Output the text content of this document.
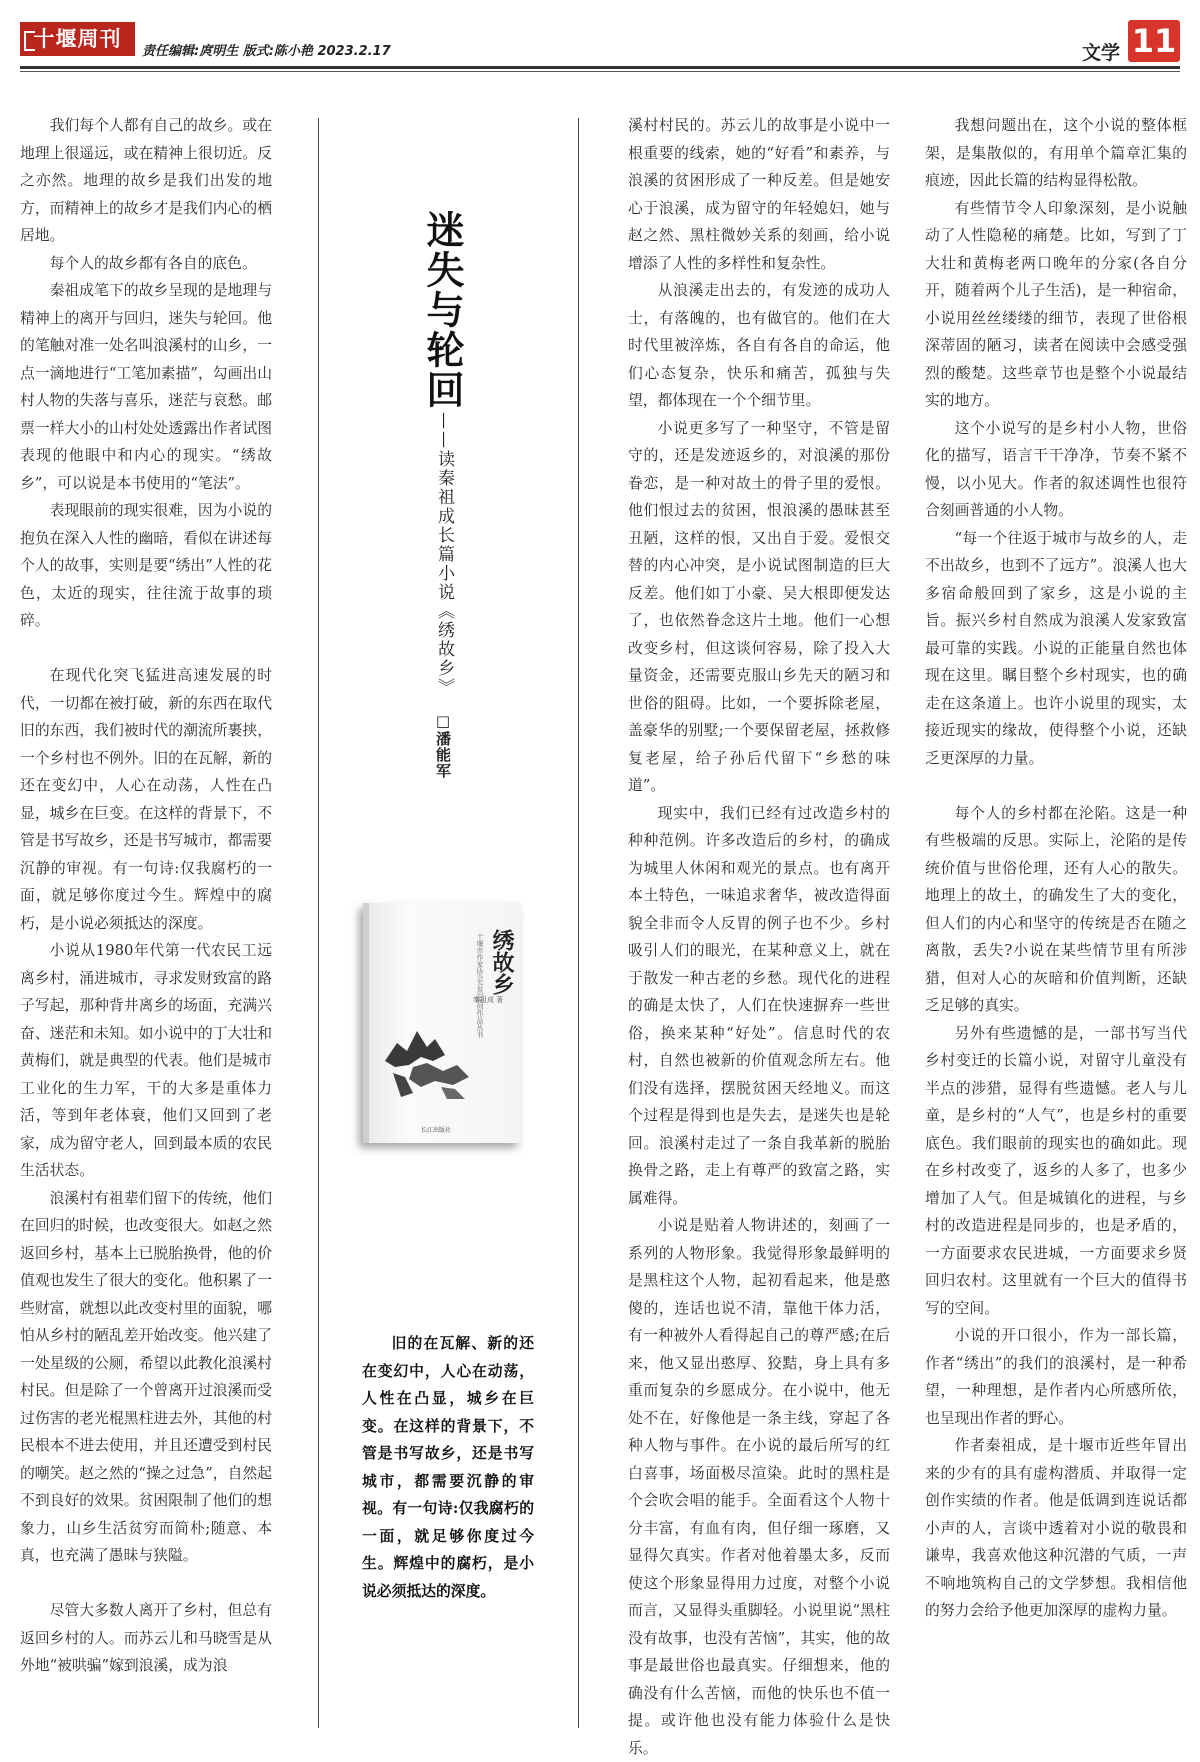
十堰周刊
责任编辑:庹明生 版式:陈小艳 2023.2.17	文学 11

我们每个人都有自己的故乡。或在地理上很遥远，或在精神上很切近。反之亦然。地理的故乡是我们出发的地方，而精神上的故乡才是我们内心的栖居地。

每个人的故乡都有各自的底色。

秦祖成笔下的故乡呈现的是地理与精神上的离开与回归，迷失与轮回。他的笔触对准一处名叫浪溪村的山乡，一点一滴地进行“工笔加素描”，勾画出山村人物的失落与喜乐，迷茫与哀愁。邮票一样大小的山村处处透露出作者试图表现的他眼中和内心的现实。“绣故乡”，可以说是本书使用的“笔法”。

表现眼前的现实很难，因为小说的抱负在深入人性的幽暗，看似在讲述每个人的故事，实则是要“绣出”人性的花色，太近的现实，往往流于故事的琐碎。

在现代化突飞猛进高速发展的时代，一切都在被打破，新的东西在取代旧的东西，我们被时代的潮流所裹挟，一个乡村也不例外。旧的在瓦解，新的还在变幻中，人心在动荡，人性在凸显，城乡在巨变。在这样的背景下，不管是书写故乡，还是书写城市，都需要沉静的审视。有一句诗:仅我腐朽的一面，就足够你度过今生。辉煌中的腐朽，是小说必须抵达的深度。

小说从1980年代第一代农民工远离乡村，涌进城市，寻求发财致富的路子写起，那种背井离乡的场面，充满兴奋、迷茫和未知。如小说中的丁大壮和黄梅们，就是典型的代表。他们是城市工业化的生力军，干的大多是重体力活，等到年老体衰，他们又回到了老家，成为留守老人，回到最本质的农民生活状态。

浪溪村有祖辈们留下的传统，他们在回归的时候，也改变很大。如赵之然返回乡村，基本上已脱胎换骨，他的价值观也发生了很大的变化。他积累了一些财富，就想以此改变村里的面貌，哪怕从乡村的陋乱差开始改变。他兴建了一处星级的公厕，希望以此教化浪溪村村民。但是除了一个曾离开过浪溪而受过伤害的老光棍黑柱进去外，其他的村民根本不进去使用，并且还遭受到村民的嘲笑。赵之然的“操之过急”，自然起不到良好的效果。贫困限制了他们的想象力，山乡生活贫穷而简朴;随意、本真，也充满了愚昧与狭隘。

尽管大多数人离开了乡村，但总有返回乡村的人。而苏云儿和马晓雪是从外地“被哄骗”嫁到浪溪，成为浪

迷失与轮回
——读秦祖成长篇小说《绣故乡》
□潘能军
绣故乡
十堰市作家协会会员原创作品丛书
秦祖成 著
长江出版社

旧的在瓦解、新的还在变幻中，人心在动荡，人性在凸显，城乡在巨变。在这样的背景下，不管是书写故乡，还是书写城市，都需要沉静的审视。有一句诗:仅我腐朽的一面，就足够你度过今生。辉煌中的腐朽，是小说必须抵达的深度。

溪村村民的。苏云儿的故事是小说中一根重要的线索，她的“好看”和素养，与浪溪的贫困形成了一种反差。但是她安心于浪溪，成为留守的年轻媳妇，她与赵之然、黑柱微妙关系的刻画，给小说增添了人性的多样性和复杂性。

从浪溪走出去的，有发迹的成功人士，有落魄的，也有做官的。他们在大时代里被淬炼，各自有各自的命运，他们心态复杂，快乐和痛苦，孤独与失望，都体现在一个个细节里。

小说更多写了一种坚守，不管是留守的，还是发迹返乡的，对浪溪的那份眷恋，是一种对故土的骨子里的爱恨。他们恨过去的贫困，恨浪溪的愚昧甚至丑陋，这样的恨，又出自于爱。爱恨交替的内心冲突，是小说试图制造的巨大反差。他们如丁小豪、吴大根即便发达了，也依然眷念这片土地。他们一心想改变乡村，但这谈何容易，除了投入大量资金，还需要克服山乡先天的陋习和世俗的阻碍。比如，一个要拆除老屋，盖豪华的别墅;一个要保留老屋，拯救修复老屋，给子孙后代留下“乡愁的味道”。

现实中，我们已经有过改造乡村的种种范例。许多改造后的乡村，的确成为城里人休闲和观光的景点。也有离开本土特色，一味追求奢华，被改造得面貌全非而令人反胃的例子也不少。乡村吸引人们的眼光，在某种意义上，就在于散发一种古老的乡愁。现代化的进程的确是太快了，人们在快速摒弃一些世俗，换来某种“好处”。信息时代的农村，自然也被新的价值观念所左右。他们没有选择，摆脱贫困天经地义。而这个过程是得到也是失去，是迷失也是轮回。浪溪村走过了一条自我革新的脱胎换骨之路，走上有尊严的致富之路，实属难得。

小说是贴着人物讲述的，刻画了一系列的人物形象。我觉得形象最鲜明的是黑柱这个人物，起初看起来，他是憨傻的，连话也说不清，靠他干体力活，有一种被外人看得起自己的尊严感;在后来，他又显出憨厚、狡黠，身上具有多重而复杂的乡愿成分。在小说中，他无处不在，好像他是一条主线，穿起了各种人物与事件。在小说的最后所写的红白喜事，场面极尽渲染。此时的黑柱是个会吹会唱的能手。全面看这个人物十分丰富，有血有肉，但仔细一琢磨，又显得欠真实。作者对他着墨太多，反而使这个形象显得用力过度，对整个小说而言，又显得头重脚轻。小说里说“黑柱没有故事，也没有苦恼”，其实，他的故事是最世俗也最真实。仔细想来，他的确没有什么苦恼，而他的快乐也不值一提。或许他也没有能力体验什么是快乐。

我想问题出在，这个小说的整体框架，是集散似的，有用单个篇章汇集的痕迹，因此长篇的结构显得松散。

有些情节令人印象深刻，是小说触动了人性隐秘的痛楚。比如，写到了丁大壮和黄梅老两口晚年的分家(各自分开，随着两个儿子生活)，是一种宿命，小说用丝丝缕缕的细节，表现了世俗根深蒂固的陋习，读者在阅读中会感受强烈的酸楚。这些章节也是整个小说最结实的地方。

这个小说写的是乡村小人物，世俗化的描写，语言干干净净，节奏不紧不慢，以小见大。作者的叙述调性也很符合刻画普通的小人物。

“每一个往返于城市与故乡的人，走不出故乡，也到不了远方”。浪溪人也大多宿命般回到了家乡，这是小说的主旨。振兴乡村自然成为浪溪人发家致富最可靠的实践。小说的正能量自然也体现在这里。瞩目整个乡村现实，也的确走在这条道上。也许小说里的现实，太接近现实的缘故，使得整个小说，还缺乏更深厚的力量。

每个人的乡村都在沦陷。这是一种有些极端的反思。实际上，沦陷的是传统价值与世俗伦理，还有人心的散失。地理上的故土，的确发生了大的变化，但人们的内心和坚守的传统是否在随之离散，丢失?小说在某些情节里有所涉猎，但对人心的灰暗和价值判断，还缺乏足够的真实。

另外有些遗憾的是，一部书写当代乡村变迁的长篇小说，对留守儿童没有半点的涉猎，显得有些遗憾。老人与儿童，是乡村的“人气”，也是乡村的重要底色。我们眼前的现实也的确如此。现在乡村改变了，返乡的人多了，也多少增加了人气。但是城镇化的进程，与乡村的改造进程是同步的，也是矛盾的，一方面要求农民进城，一方面要求乡贤回归农村。这里就有一个巨大的值得书写的空间。

小说的开口很小，作为一部长篇，作者“绣出”的我们的浪溪村，是一种希望，一种理想，是作者内心所感所依，也呈现出作者的野心。

作者秦祖成，是十堰市近些年冒出来的少有的具有虚构潜质、并取得一定创作实绩的作者。他是低调到连说话都小声的人，言谈中透着对小说的敬畏和谦卑，我喜欢他这种沉潜的气质，一声不响地筑构自己的文学梦想。我相信他的努力会给予他更加深厚的虚构力量。
